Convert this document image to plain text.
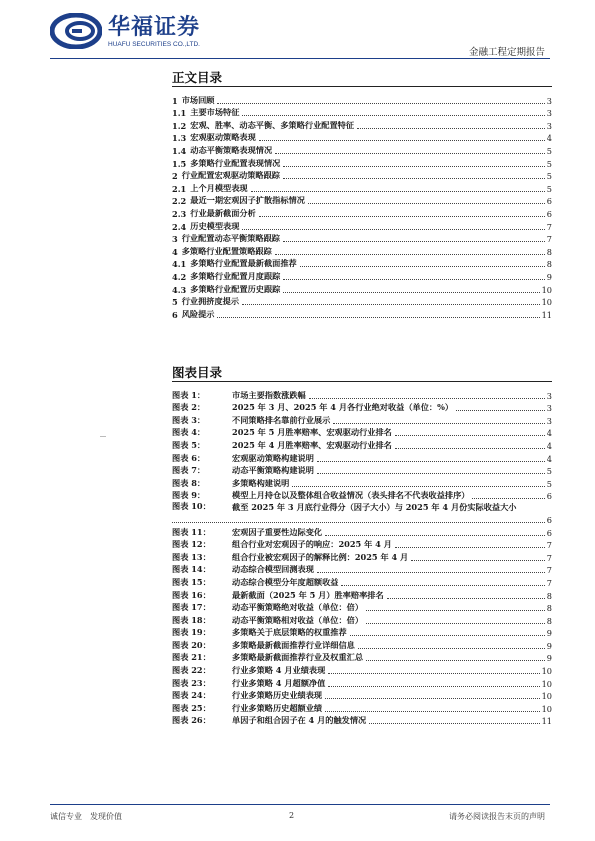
华福证券
HUAFU SECURITIES CO.,LTD.
金融工程定期报告
正文目录
1 市场回顾	3
1.1 主要市场特征	3
1.2 宏观、胜率、动态平衡、多策略行业配置特征	3
1.3 宏观驱动策略表现	4
1.4 动态平衡策略表现情况	5
1.5 多策略行业配置表现情况	5
2 行业配置宏观驱动策略跟踪	5
2.1 上个月模型表现	5
2.2 最近一期宏观因子扩散指标情况	6
2.3 行业最新截面分析	6
2.4 历史模型表现	7
3 行业配置动态平衡策略跟踪	7
4 多策略行业配置策略跟踪	8
4.1 多策略行业配置最新截面推荐	8
4.2 多策略行业配置月度跟踪	9
4.3 多策略行业配置历史跟踪	10
5 行业拥挤度提示	10
6 风险提示	11
图表目录
图表 1：	市场主要指数涨跌幅	3
图表 2：	2025 年 3 月、2025 年 4 月各行业绝对收益（单位：%）	3
图表 3：	不同策略排名靠前行业展示	3
图表 4：	2025 年 5 月胜率赔率、宏观驱动行业排名	4
图表 5：	2025 年 4 月胜率赔率、宏观驱动行业排名	4
图表 6：	宏观驱动策略构建说明	4
图表 7：	动态平衡策略构建说明	5
图表 8：	多策略构建说明	5
图表 9：	模型上月持仓以及整体组合收益情况（表头排名不代表收益排序）	6
图表 10：	截至 2025 年 3 月底行业得分（因子大小）与 2025 年 4 月份实际收益大小
6
图表 11：	宏观因子重要性边际变化	6
图表 12：	组合行业对宏观因子的响应：2025 年 4 月	7
图表 13：	组合行业被宏观因子的解释比例：2025 年 4 月	7
图表 14：	动态综合模型回测表现	7
图表 15：	动态综合模型分年度超额收益	7
图表 16：	最新截面（2025 年 5 月）胜率赔率排名	8
图表 17：	动态平衡策略绝对收益（单位：倍）	8
图表 18：	动态平衡策略相对收益（单位：倍）	8
图表 19：	多策略关于底层策略的权重推荐	9
图表 20：	多策略最新截面推荐行业详细信息	9
图表 21：	多策略最新截面推荐行业及权重汇总	9
图表 22：	行业多策略 4 月业绩表现	10
图表 23：	行业多策略 4 月超额净值	10
图表 24：	行业多策略历史业绩表现	10
图表 25：	行业多策略历史超额业绩	10
图表 26：	单因子和组合因子在 4 月的触发情况	11
诚信专业　发现价值	2	请务必阅读报告末页的声明
